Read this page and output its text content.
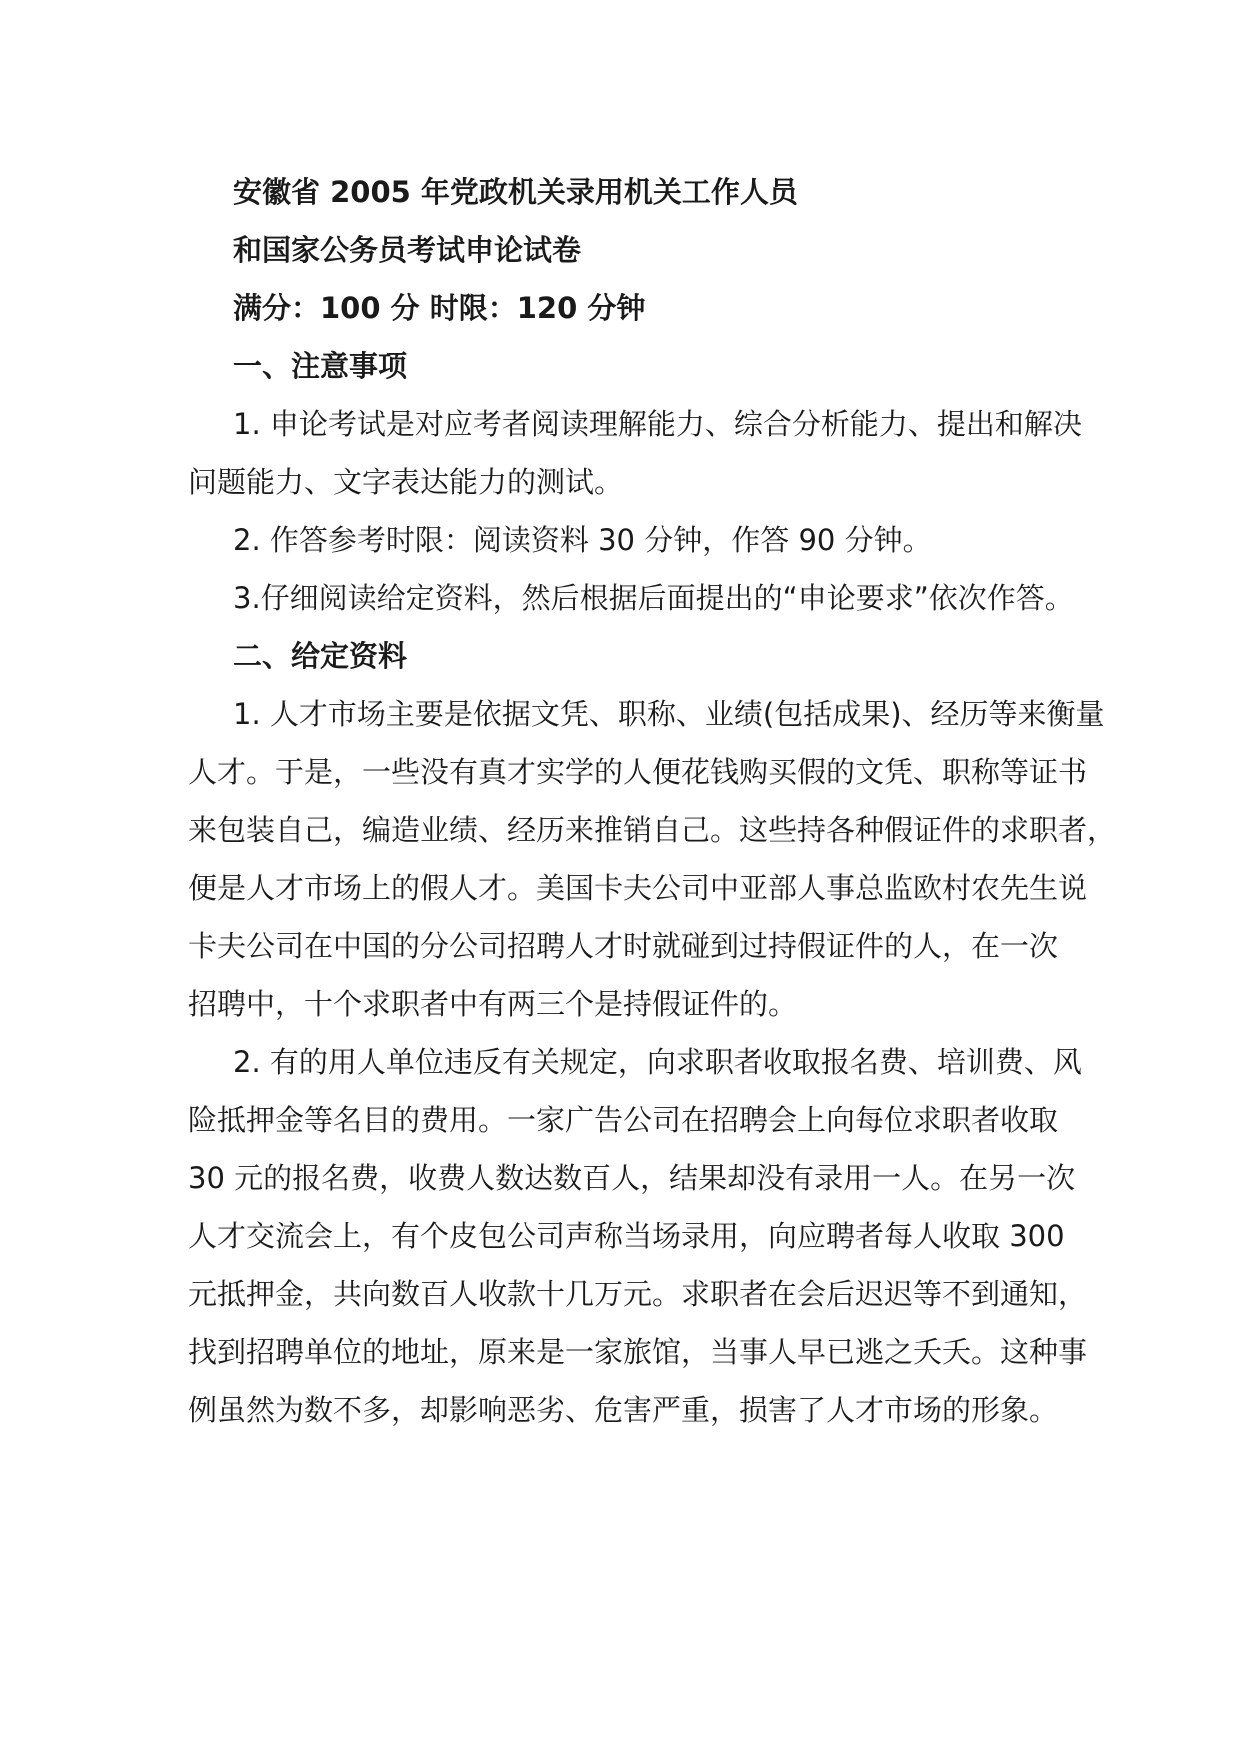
安徽省 2005 年党政机关录用机关工作人员
和国家公务员考试申论试卷
满分：100 分 时限：120 分钟
一、注意事项
1. 申论考试是对应考者阅读理解能力、综合分析能力、提出和解决
问题能力、文字表达能力的测试。
2. 作答参考时限：阅读资料 30 分钟，作答 90 分钟。
3.仔细阅读给定资料，然后根据后面提出的“申论要求”依次作答。
二、给定资料
1. 人才市场主要是依据文凭、职称、业绩(包括成果)、经历等来衡量
人才。于是，一些没有真才实学的人便花钱购买假的文凭、职称等证书
来包装自己，编造业绩、经历来推销自己。这些持各种假证件的求职者，
便是人才市场上的假人才。美国卡夫公司中亚部人事总监欧村农先生说
卡夫公司在中国的分公司招聘人才时就碰到过持假证件的人，在一次
招聘中，十个求职者中有两三个是持假证件的。
2. 有的用人单位违反有关规定，向求职者收取报名费、培训费、风
险抵押金等名目的费用。一家广告公司在招聘会上向每位求职者收取
30 元的报名费，收费人数达数百人，结果却没有录用一人。在另一次
人才交流会上，有个皮包公司声称当场录用，向应聘者每人收取 300
元抵押金，共向数百人收款十几万元。求职者在会后迟迟等不到通知，
找到招聘单位的地址，原来是一家旅馆，当事人早已逃之夭夭。这种事
例虽然为数不多，却影响恶劣、危害严重，损害了人才市场的形象。
